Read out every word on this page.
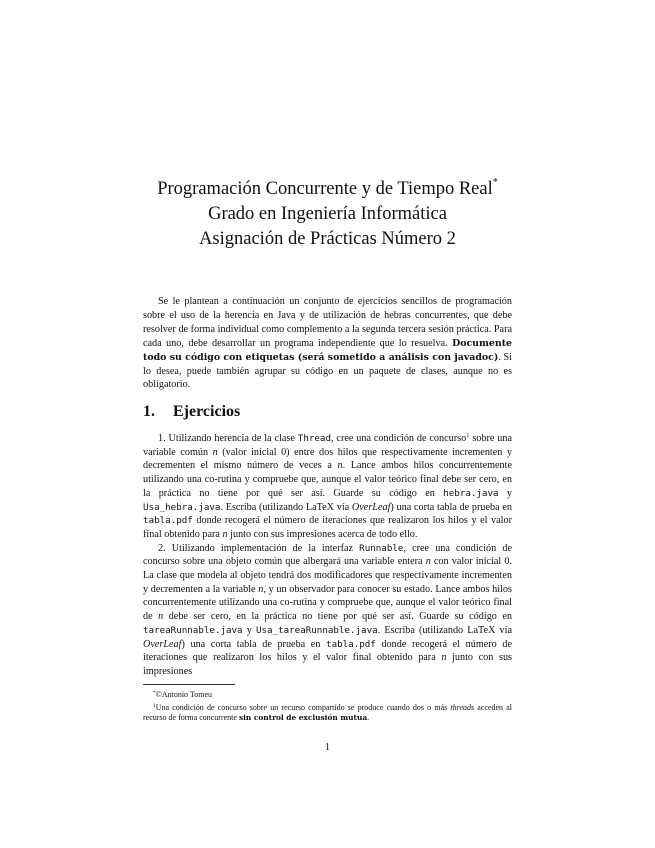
Programación Concurrente y de Tiempo Real*
Grado en Ingeniería Informática
Asignación de Prácticas Número 2

Se le plantean a continuación un conjunto de ejercicios sencillos de programación sobre el uso de la herencia en Java y de utilización de hebras concurrentes, que debe resolver de forma individual como complemento a la segunda tercera sesión práctica. Para cada uno, debe desarrollar un programa independiente que lo resuelva. Documente todo su código con etiquetas (será sometido a análisis con javadoc). Si lo desea, puede también agrupar su código en un paquete de clases, aunque no es obligatorio.

1. Ejercicios

1. Utilizando herencia de la clase Thread, cree una condición de concurso$^1$ sobre una variable común n (valor inicial 0) entre dos hilos que respectivamente incrementen y decrementen el mismo número de veces a n. Lance ambos hilos concurrentemente utilizando una co-rutina y compruebe que, aunque el valor teórico final debe ser cero, en la práctica no tiene por qué ser así. Guarde su código en hebra.java y Usa_hebra.java. Escriba (utilizando LaTeX vía OverLeaf) una corta tabla de prueba en tabla.pdf donde recogerá el número de iteraciones que realizaron los hilos y el valor final obtenido para n junto con sus impresiones acerca de todo ello.

2. Utilizando implementación de la interfaz Runnable, cree una condición de concurso sobre una objeto común que albergará una variable entera n con valor inicial 0. La clase que modela al objeto tendrá dos modificadores que respectivamente incrementen y decrementen a la variable n, y un observador para conocer su estado. Lance ambos hilos concurrentemente utilizando una co-rutina y compruebe que, aunque el valor teórico final de n debe ser cero, en la práctica no tiene por qué ser así. Guarde su código en tareaRunnable.java y Usa_tareaRunnable.java. Escriba (utilizando LaTeX vía OverLeaf) una corta tabla de prueba en tabla.pdf donde recogerá el número de iteraciones que realizaron los hilos y el valor final obtenido para n junto con sus impresiones

*©Antonio Tomeu

$^1$Una condición de concurso sobre un recurso compartido se produce cuando dos o más threads acceden al recurso de forma concurrente sin control de exclusión mutua.

1
